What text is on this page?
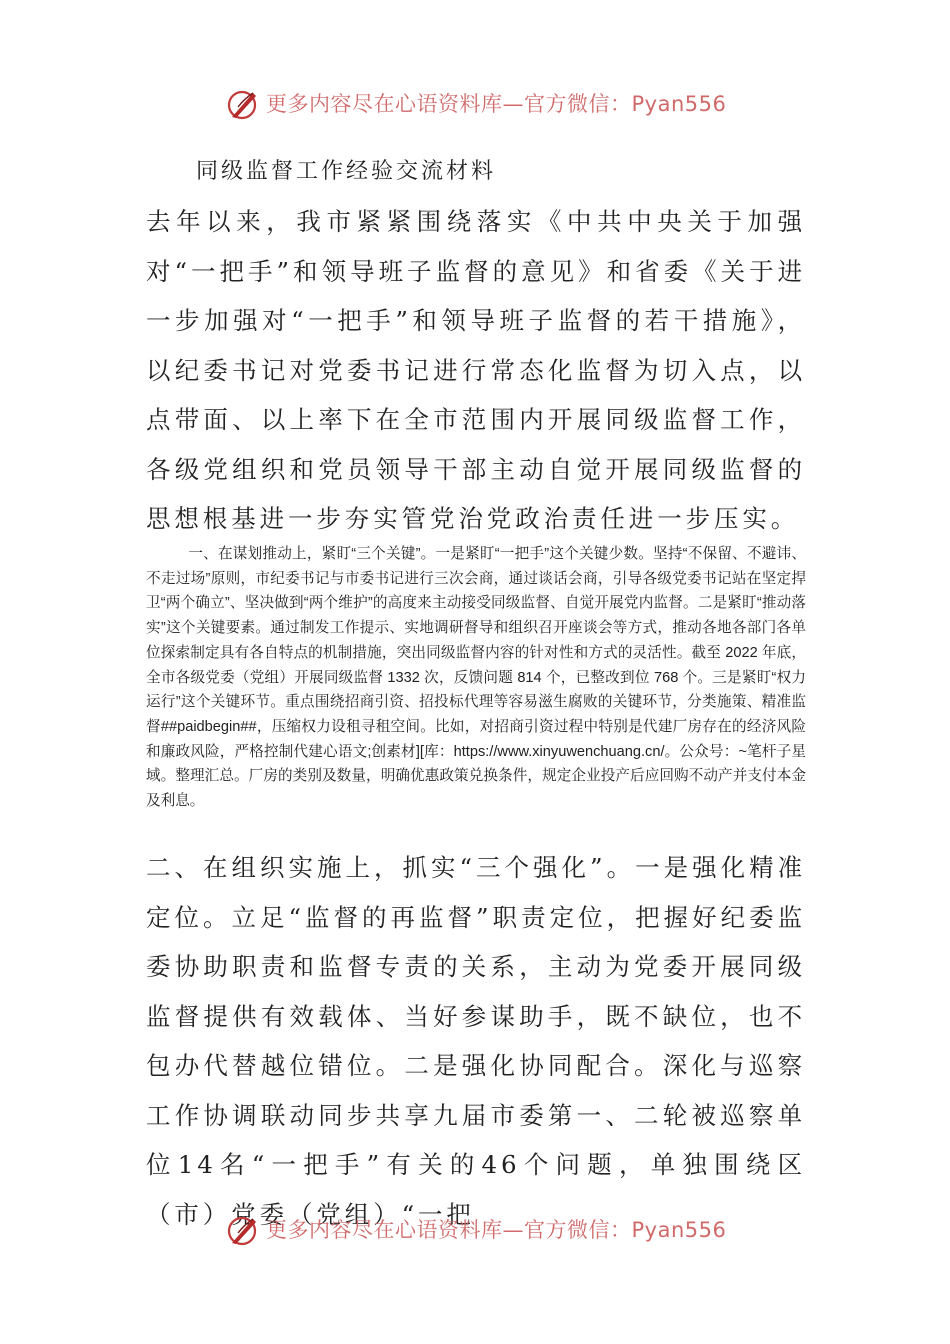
更多内容尽在心语资料库—官方微信：Pyan556
同级监督工作经验交流材料

去年以来，我市紧紧围绕落实《中共中央关于加强对“一把手”和领导班子监督的意见》和省委《关于进一步加强对“一把手”和领导班子监督的若干措施》，以纪委书记对党委书记进行常态化监督为切入点，以点带面、以上率下在全市范围内开展同级监督工作，各级党组织和党员领导干部主动自觉开展同级监督的思想根基进一步夯实管党治党政治责任进一步压实。

一、在谋划推动上，紧盯“三个关键”。一是紧盯“一把手”这个关键少数。坚持“不保留、不避讳、不走过场”原则，市纪委书记与市委书记进行三次会商，通过谈话会商，引导各级党委书记站在坚定捍卫“两个确立”、坚决做到“两个维护”的高度来主动接受同级监督、自觉开展党内监督。二是紧盯“推动落实”这个关键要素。通过制发工作提示、实地调研督导和组织召开座谈会等方式，推动各地各部门各单位探索制定具有各自特点的机制措施，突出同级监督内容的针对性和方式的灵活性。截至 2022 年底，全市各级党委（党组）开展同级监督 1332 次，反馈问题 814 个，已整改到位 768 个。三是紧盯“权力运行”这个关键环节。重点围绕招商引资、招投标代理等容易滋生腐败的关键环节，分类施策、精准监督##paidbegin##，压缩权力设租寻租空间。比如，对招商引资过程中特别是代建厂房存在的经济风险和廉政风险，严格控制代建心语文;创素材][库：https://www.xinyuwenchuang.cn/。公众号：~笔杆子星域。整理汇总。厂房的类别及数量，明确优惠政策兑换条件，规定企业投产后应回购不动产并支付本金及利息。

二、在组织实施上，抓实“三个强化”。一是强化精准定位。立足“监督的再监督”职责定位，把握好纪委监委协助职责和监督专责的关系，主动为党委开展同级监督提供有效载体、当好参谋助手，既不缺位，也不包办代替越位错位。二是强化协同配合。深化与巡察工作协调联动同步共享九届市委第一、二轮被巡察单位14名“一把手”有关的46个问题，单独围绕区（市）党委（党组）“一把

更多内容尽在心语资料库—官方微信：Pyan556
